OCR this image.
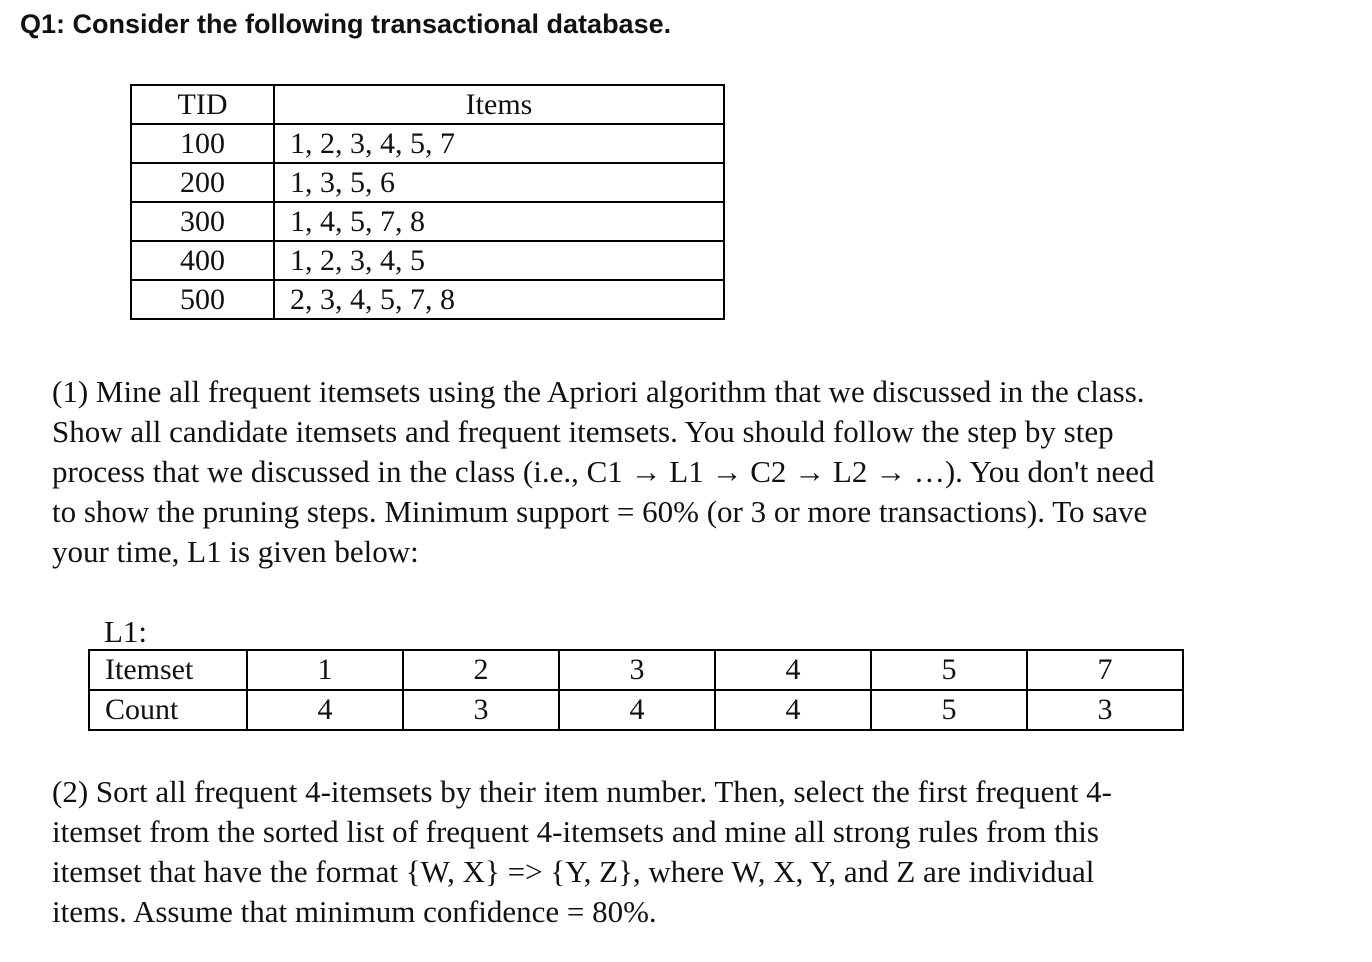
Q1: Consider the following transactional database.
TID	Items
100	1, 2, 3, 4, 5, 7
200	1, 3, 5, 6
300	1, 4, 5, 7, 8
400	1, 2, 3, 4, 5
500	2, 3, 4, 5, 7, 8
(1) Mine all frequent itemsets using the Apriori algorithm that we discussed in the class.
Show all candidate itemsets and frequent itemsets. You should follow the step by step
process that we discussed in the class (i.e., C1 → L1 → C2 → L2 → …). You don't need
to show the pruning steps. Minimum support = 60% (or 3 or more transactions). To save
your time, L1 is given below:
L1:
Itemset	1	2	3	4	5	7
Count	4	3	4	4	5	3
(2) Sort all frequent 4-itemsets by their item number. Then, select the first frequent 4-
itemset from the sorted list of frequent 4-itemsets and mine all strong rules from this
itemset that have the format {W, X} => {Y, Z}, where W, X, Y, and Z are individual
items. Assume that minimum confidence = 80%.
